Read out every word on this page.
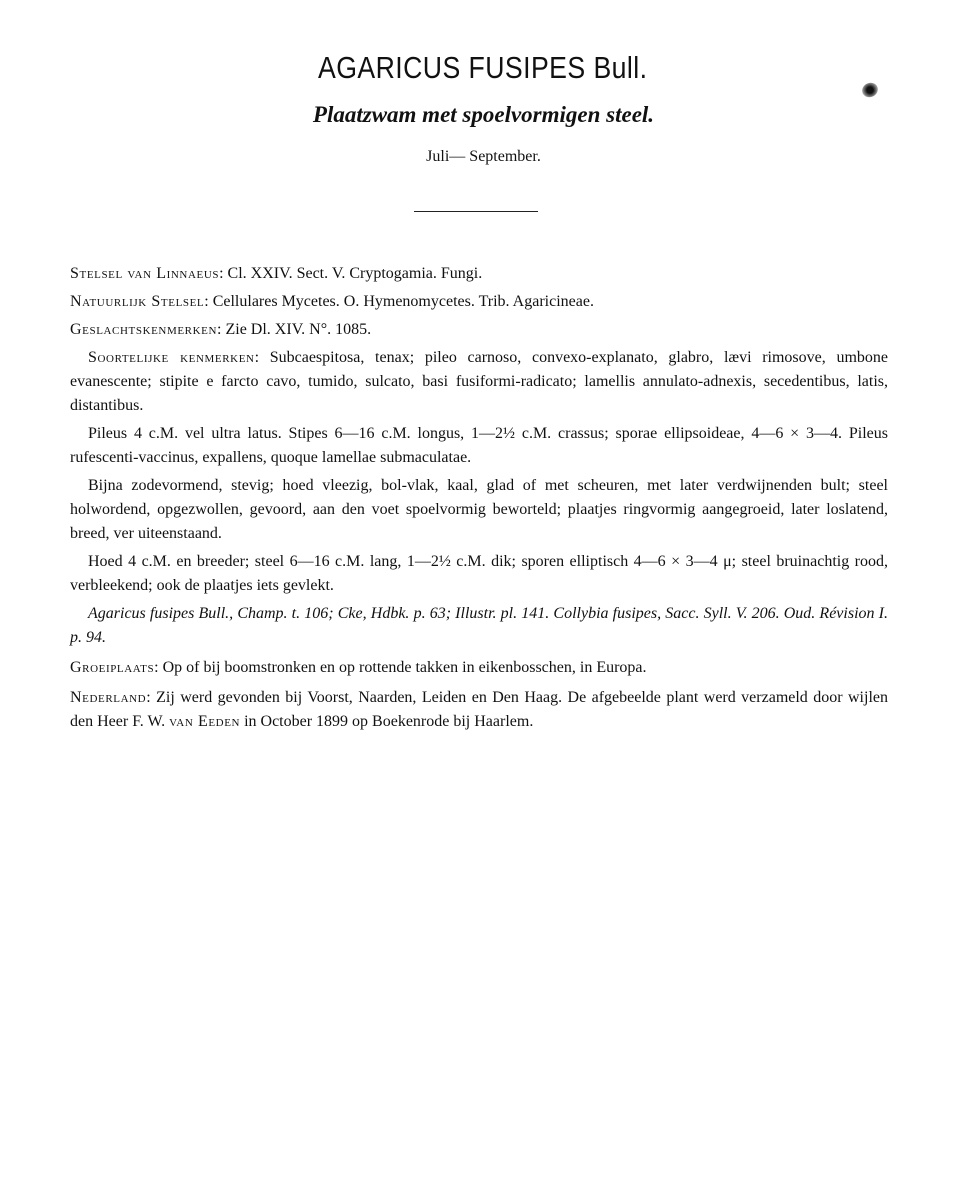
AGARICUS FUSIPES Bull.
Plaatzwam met spoelvormigen steel.
Juli— September.

Stelsel van Linnaeus: Cl. XXIV. Sect. V. Cryptogamia. Fungi.

Natuurlijk Stelsel: Cellulares Mycetes. O. Hymenomycetes. Trib. Agaricineae.

Geslachtskenmerken: Zie Dl. XIV. N°. 1085.

Soortelijke kenmerken: Subcaespitosa, tenax; pileo carnoso, convexo-explanato, glabro, lævi rimosove, umbone evanescente; stipite e farcto cavo, tumido, sulcato, basi fusiformi-radicato; lamellis annulato-adnexis, secedentibus, latis, distantibus.

Pileus 4 c.M. vel ultra latus. Stipes 6—16 c.M. longus, 1—2½ c.M. crassus; sporae ellipsoideae, 4—6 × 3—4. Pileus rufescenti-vaccinus, expallens, quoque lamellae submaculatae.

Bijna zodevormend, stevig; hoed vleezig, bol-vlak, kaal, glad of met scheuren, met later verdwijnenden bult; steel holwordend, opgezwollen, gevoord, aan den voet spoelvormig beworteld; plaatjes ringvormig aangegroeid, later loslatend, breed, ver uiteenstaand.

Hoed 4 c.M. en breeder; steel 6—16 c.M. lang, 1—2½ c.M. dik; sporen elliptisch 4—6 × 3—4 μ; steel bruinachtig rood, verbleekend; ook de plaatjes iets gevlekt.

Agaricus fusipes Bull., Champ. t. 106; Cke, Hdbk. p. 63; Illustr. pl. 141. Collybia fusipes, Sacc. Syll. V. 206. Oud. Révision I. p. 94.

Groeiplaats: Op of bij boomstronken en op rottende takken in eikenbosschen, in Europa.

Nederland: Zij werd gevonden bij Voorst, Naarden, Leiden en Den Haag. De afgebeelde plant werd verzameld door wijlen den Heer F. W. van Eeden in October 1899 op Boekenrode bij Haarlem.
